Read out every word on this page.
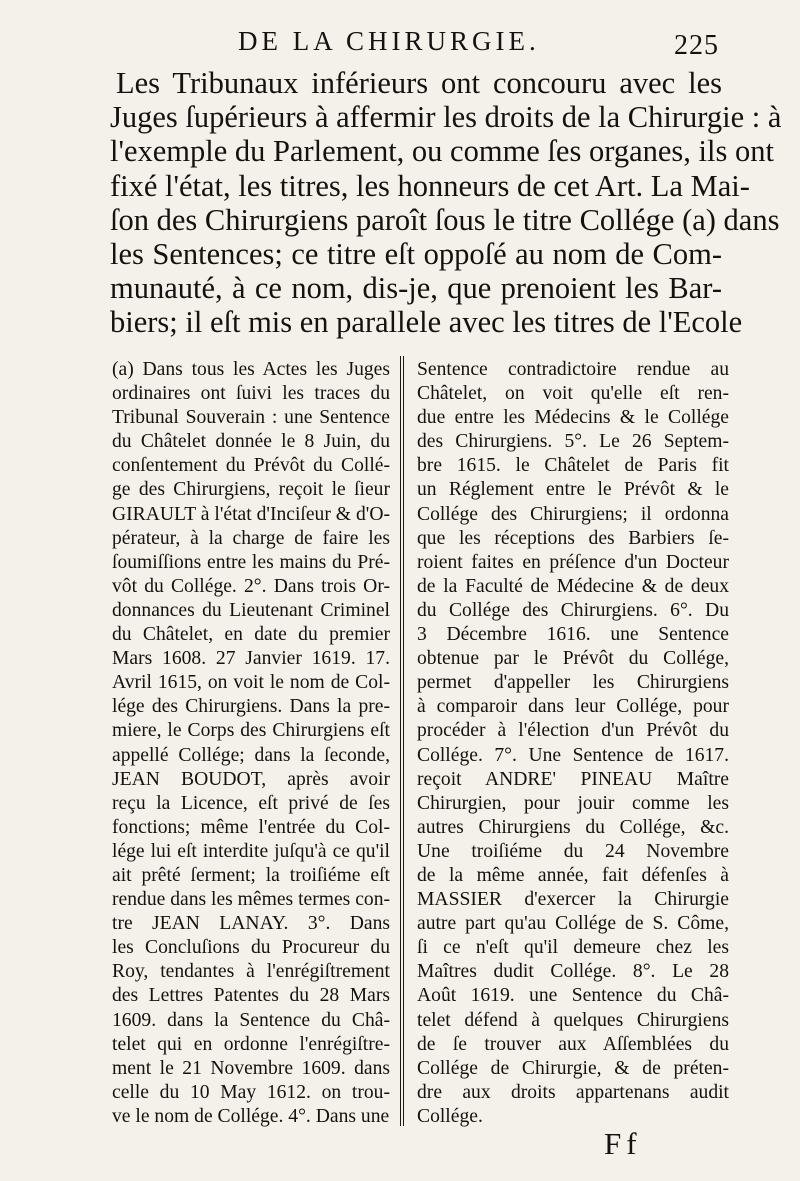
DE LA CHIRURGIE.	225
Les Tribunaux inférieurs ont concouru avec les
Juges ſupérieurs à affermir les droits de la Chirurgie : à
l'exemple du Parlement, ou comme ſes organes, ils ont
fixé l'état, les titres, les honneurs de cet Art. La Mai-
ſon des Chirurgiens paroît ſous le titre Collége (a) dans
les Sentences; ce titre eſt oppoſé au nom de Com-
munauté, à ce nom, dis-je, que prenoient les Bar-
biers; il eſt mis en parallele avec les titres de l'Ecole
(a) Dans tous les Actes les Juges
ordinaires ont ſuivi les traces du
Tribunal Souverain : une Sentence
du Châtelet donnée le 8 Juin, du
conſentement du Prévôt du Collé-
ge des Chirurgiens, reçoit le ſieur
GIRAULT à l'état d'Inciſeur & d'O-
pérateur, à la charge de faire les
ſoumiſſions entre les mains du Pré-
vôt du Collége. 2°. Dans trois Or-
donnances du Lieutenant Criminel
du Châtelet, en date du premier
Mars 1608. 27 Janvier 1619. 17.
Avril 1615, on voit le nom de Col-
lége des Chirurgiens. Dans la pre-
miere, le Corps des Chirurgiens eſt
appellé Collége; dans la ſeconde,
JEAN BOUDOT, après avoir
reçu la Licence, eſt privé de ſes
fonctions; même l'entrée du Col-
lége lui eſt interdite juſqu'à ce qu'il
ait prêté ſerment; la troiſiéme eſt
rendue dans les mêmes termes con-
tre JEAN LANAY. 3°. Dans
les Concluſions du Procureur du
Roy, tendantes à l'enrégiſtrement
des Lettres Patentes du 28 Mars
1609. dans la Sentence du Châ-
telet qui en ordonne l'enrégiſtre-
ment le 21 Novembre 1609. dans
celle du 10 May 1612. on trou-
ve le nom de Collége. 4°. Dans une
Sentence contradictoire rendue au
Châtelet, on voit qu'elle eſt ren-
due entre les Médecins & le Collége
des Chirurgiens. 5°. Le 26 Septem-
bre 1615. le Châtelet de Paris fit
un Réglement entre le Prévôt & le
Collége des Chirurgiens; il ordonna
que les réceptions des Barbiers ſe-
roient faites en préſence d'un Docteur
de la Faculté de Médecine & de deux
du Collége des Chirurgiens. 6°. Du
3 Décembre 1616. une Sentence
obtenue par le Prévôt du Collége,
permet d'appeller les Chirurgiens
à comparoir dans leur Collége, pour
procéder à l'élection d'un Prévôt du
Collége. 7°. Une Sentence de 1617.
reçoit ANDRE' PINEAU Maître
Chirurgien, pour jouir comme les
autres Chirurgiens du Collége, &c.
Une troiſiéme du 24 Novembre
de la même année, fait défenſes à
MASSIER d'exercer la Chirurgie
autre part qu'au Collége de S. Côme,
ſi ce n'eſt qu'il demeure chez les
Maîtres dudit Collége. 8°. Le 28
Août 1619. une Sentence du Châ-
telet défend à quelques Chirurgiens
de ſe trouver aux Aſſemblées du
Collége de Chirurgie, & de préten-
dre aux droits appartenans audit
Collége.
Ff
